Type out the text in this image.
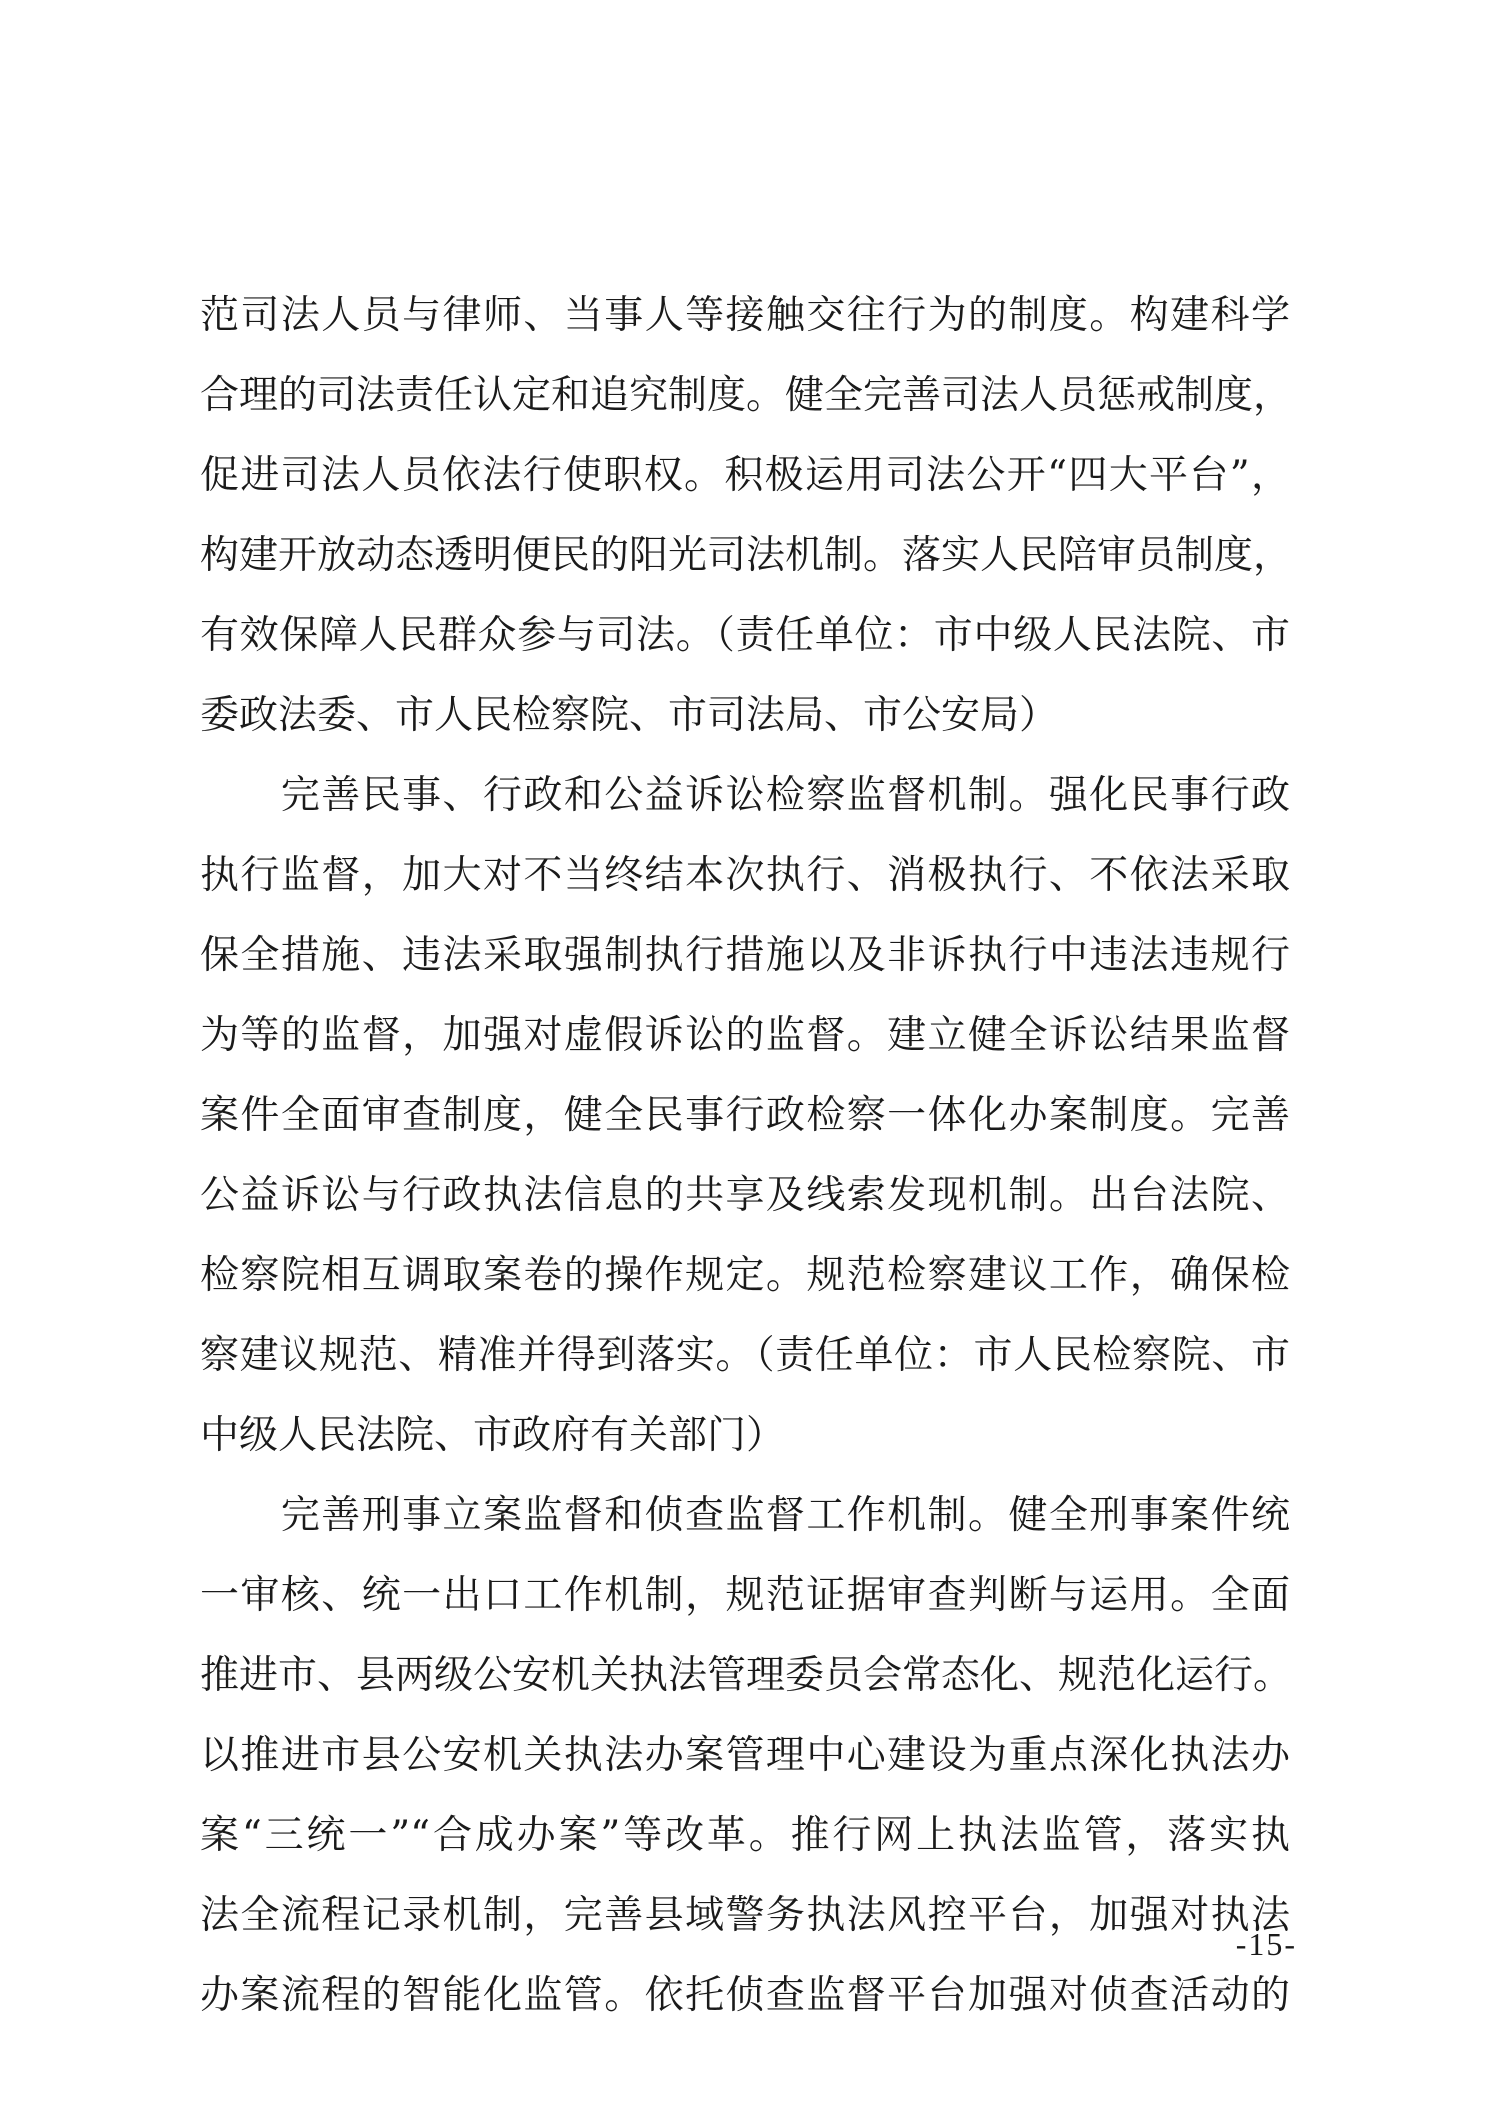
范司法人员与律师、当事人等接触交往行为的制度。构建科学
合理的司法责任认定和追究制度。健全完善司法人员惩戒制度，
促进司法人员依法行使职权。积极运用司法公开“四大平台”，
构建开放动态透明便民的阳光司法机制。落实人民陪审员制度，
有效保障人民群众参与司法。（责任单位：市中级人民法院、市
委政法委、市人民检察院、市司法局、市公安局）
　　完善民事、行政和公益诉讼检察监督机制。强化民事行政
执行监督，加大对不当终结本次执行、消极执行、不依法采取
保全措施、违法采取强制执行措施以及非诉执行中违法违规行
为等的监督，加强对虚假诉讼的监督。建立健全诉讼结果监督
案件全面审查制度，健全民事行政检察一体化办案制度。完善
公益诉讼与行政执法信息的共享及线索发现机制。出台法院、
检察院相互调取案卷的操作规定。规范检察建议工作，确保检
察建议规范、精准并得到落实。（责任单位：市人民检察院、市
中级人民法院、市政府有关部门）
　　完善刑事立案监督和侦查监督工作机制。健全刑事案件统
一审核、统一出口工作机制，规范证据审查判断与运用。全面
推进市、县两级公安机关执法管理委员会常态化、规范化运行。
以推进市县公安机关执法办案管理中心建设为重点深化执法办
案“三统一”“合成办案”等改革。推行网上执法监管，落实执
法全流程记录机制，完善县域警务执法风控平台，加强对执法
办案流程的智能化监管。依托侦查监督平台加强对侦查活动的
-15-
